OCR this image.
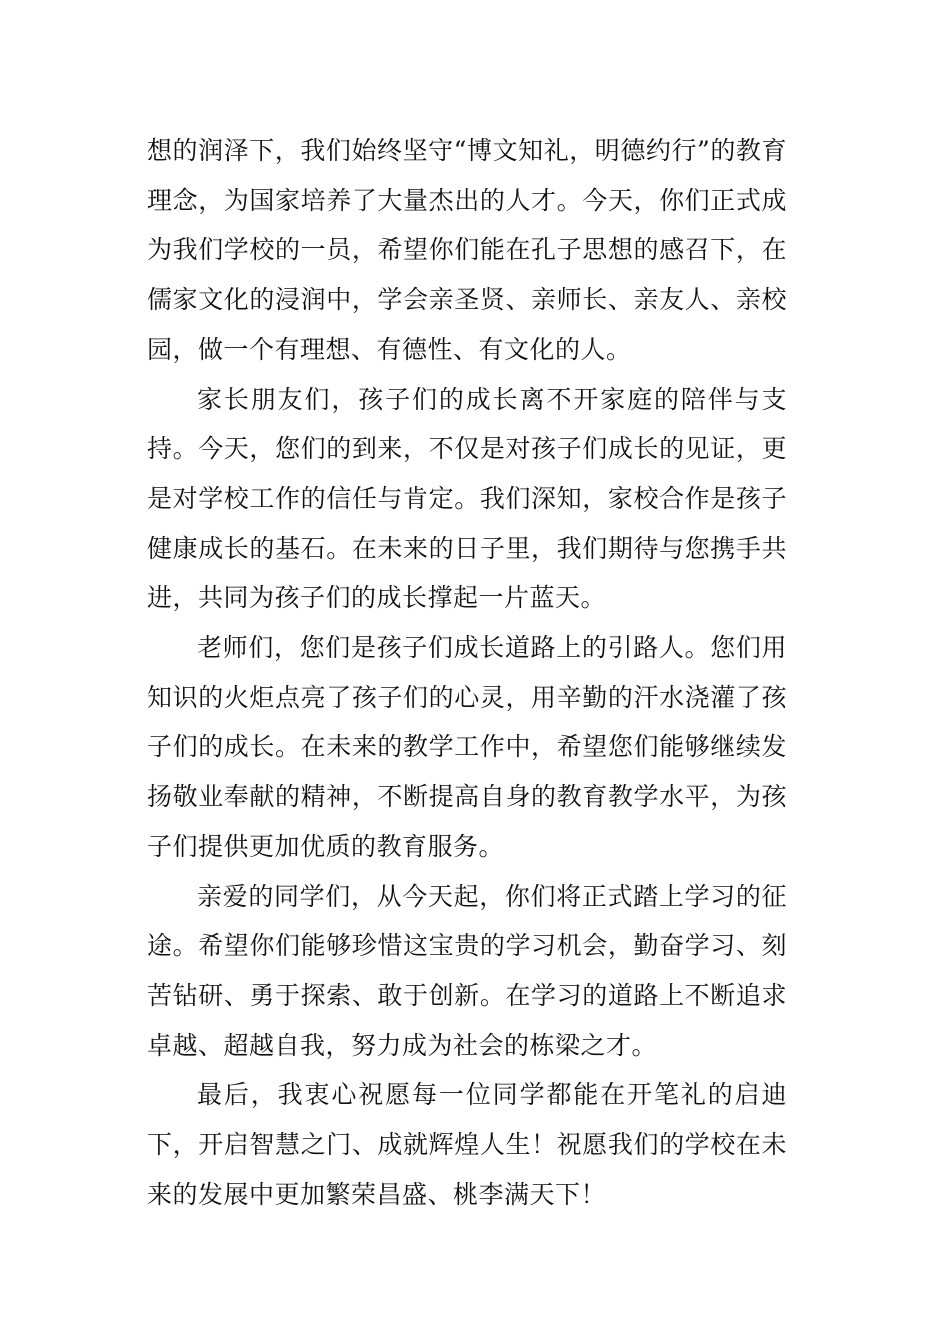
想的润泽下，我们始终坚守“博文知礼，明德约行”的教育理念，为国家培养了大量杰出的人才。今天，你们正式成为我们学校的一员，希望你们能在孔子思想的感召下，在儒家文化的浸润中，学会亲圣贤、亲师长、亲友人、亲校园，做一个有理想、有德性、有文化的人。

家长朋友们，孩子们的成长离不开家庭的陪伴与支持。今天，您们的到来，不仅是对孩子们成长的见证，更是对学校工作的信任与肯定。我们深知，家校合作是孩子健康成长的基石。在未来的日子里，我们期待与您携手共进，共同为孩子们的成长撑起一片蓝天。

老师们，您们是孩子们成长道路上的引路人。您们用知识的火炬点亮了孩子们的心灵，用辛勤的汗水浇灌了孩子们的成长。在未来的教学工作中，希望您们能够继续发扬敬业奉献的精神，不断提高自身的教育教学水平，为孩子们提供更加优质的教育服务。

亲爱的同学们，从今天起，你们将正式踏上学习的征途。希望你们能够珍惜这宝贵的学习机会，勤奋学习、刻苦钻研、勇于探索、敢于创新。在学习的道路上不断追求卓越、超越自我，努力成为社会的栋梁之才。

最后，我衷心祝愿每一位同学都能在开笔礼的启迪下，开启智慧之门、成就辉煌人生！祝愿我们的学校在未来的发展中更加繁荣昌盛、桃李满天下！
